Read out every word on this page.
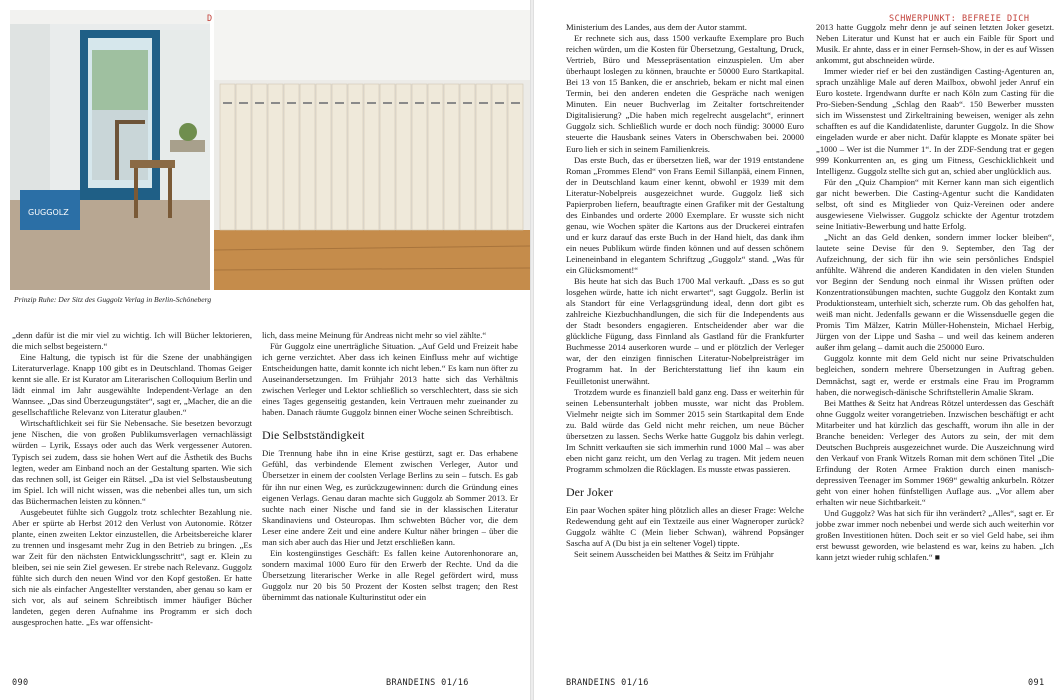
GUGGOLZ
D
Prinzip Ruhe: Der Sitz des Guggolz Verlag in Berlin-Schöneberg

„denn dafür ist die mir viel zu wichtig. Ich will Bücher lektorieren, die mich selbst begeistern.“

Eine Haltung, die typisch ist für die Szene der unabhängigen Literaturverlage. Knapp 100 gibt es in Deutschland. Thomas Geiger kennt sie alle. Er ist Kurator am Literarischen Colloquium Berlin und lädt einmal im Jahr ausgewählte Independent-Verlage an den Wannsee. „Das sind Überzeugungstäter“, sagt er, „Macher, die an die gesellschaftliche Relevanz von Literatur glauben.“

Wirtschaftlichkeit sei für Sie Nebensache. Sie besetzen bevorzugt jene Nischen, die von großen Publikumsverlagen vernachlässigt würden – Lyrik, Essays oder auch das Werk vergessener Autoren. Typisch sei zudem, dass sie hohen Wert auf die Ästhetik des Buchs legten, weder am Einband noch an der Gestaltung sparten. Wie sich das rechnen soll, ist Geiger ein Rätsel. „Da ist viel Selbstausbeutung im Spiel. Ich will nicht wissen, was die nebenbei alles tun, um sich das Büchermachen leisten zu können.“

Ausgebeutet fühlte sich Guggolz trotz schlechter Bezahlung nie. Aber er spürte ab Herbst 2012 den Verlust von Autonomie. Rötzer plante, einen zweiten Lektor einzustellen, die Arbeitsbereiche klarer zu trennen und insgesamt mehr Zug in den Betrieb zu bringen. „Es war Zeit für den nächsten Entwicklungsschritt“, sagt er. Klein zu bleiben, sei nie sein Ziel gewesen. Er strebe nach Relevanz. Guggolz fühlte sich durch den neuen Wind vor den Kopf gestoßen. Er hatte sich nie als einfacher Angestellter verstanden, aber genau so kam er sich vor, als auf seinem Schreibtisch immer häufiger Bücher landeten, gegen deren Aufnahme ins Programm er sich doch ausgesprochen hatte. „Es war offensicht-

lich, dass meine Meinung für Andreas nicht mehr so viel zählte.“

Für Guggolz eine unerträgliche Situation. „Auf Geld und Freizeit habe ich gerne verzichtet. Aber dass ich keinen Einfluss mehr auf wichtige Entscheidungen hatte, damit konnte ich nicht leben.“ Es kam nun öfter zu Auseinandersetzungen. Im Frühjahr 2013 hatte sich das Verhältnis zwischen Verleger und Lektor schließlich so verschlechtert, dass sie sich eines Tages gegenseitig gestanden, kein Vertrauen mehr zueinander zu haben. Danach räumte Guggolz binnen einer Woche seinen Schreibtisch.

Die Selbstständigkeit

Die Trennung habe ihn in eine Krise gestürzt, sagt er. Das erhabene Gefühl, das verbindende Element zwischen Verleger, Autor und Übersetzer in einem der coolsten Verlage Berlins zu sein – futsch. Es gab für ihn nur einen Weg, es zurückzugewinnen: durch die Gründung eines eigenen Verlags. Genau daran machte sich Guggolz ab Sommer 2013. Er suchte nach einer Nische und fand sie in der klassischen Literatur Skandinaviens und Osteuropas. Ihm schwebten Bücher vor, die dem Leser eine andere Zeit und eine andere Kultur näher bringen – über die man sich aber auch das Hier und Jetzt erschließen kann.

Ein kostengünstiges Geschäft: Es fallen keine Autorenhonorare an, sondern maximal 1000 Euro für den Erwerb der Rechte. Und da die Übersetzung literarischer Werke in alle Regel gefördert wird, muss Guggolz nur 20 bis 50 Prozent der Kosten selbst tragen; den Rest übernimmt das nationale Kulturinstitut oder ein

090	BRANDEINS 01/16
SCHWERPUNKT: BEFREIE DICH

Ministerium des Landes, aus dem der Autor stammt.

Er rechnete sich aus, dass 1500 verkaufte Exemplare pro Buch reichen würden, um die Kosten für Übersetzung, Gestaltung, Druck, Vertrieb, Büro und Messepräsentation einzuspielen. Um aber überhaupt loslegen zu können, brauchte er 50000 Euro Startkapital. Bei 13 von 15 Banken, die er anschrieb, bekam er nicht mal einen Termin, bei den anderen endeten die Gespräche nach wenigen Minuten. Ein neuer Buchverlag im Zeitalter fortschreitender Digitalisierung? „Die haben mich regelrecht ausgelacht“, erinnert Guggolz sich. Schließlich wurde er doch noch fündig: 30000 Euro steuerte die Hausbank seines Vaters in Oberschwaben bei. 20000 Euro lieh er sich in seinem Familienkreis.

Das erste Buch, das er übersetzen ließ, war der 1919 entstandene Roman „Frommes Elend“ von Frans Eemil Sillanpää, einem Finnen, der in Deutschland kaum einer kennt, obwohl er 1939 mit dem Literatur-Nobelpreis ausgezeichnet wurde. Guggolz ließ sich Papierproben liefern, beauftragte einen Grafiker mit der Gestaltung des Einbandes und orderte 2000 Exemplare. Er wusste sich nicht genau, wie Wochen später die Kartons aus der Druckerei eintrafen und er kurz darauf das erste Buch in der Hand hielt, das dank ihm ein neues Publikum würde finden können und auf dessen schönem Leineneinband in elegantem Schriftzug „Guggolz“ stand. „Was für ein Glücksmoment!“

Bis heute hat sich das Buch 1700 Mal verkauft. „Dass es so gut losgehen würde, hatte ich nicht erwartet“, sagt Guggolz. Berlin ist als Standort für eine Verlagsgründung ideal, denn dort gibt es zahlreiche Kiezbuchhandlungen, die sich für die Independents aus der Stadt besonders engagieren. Entscheidender aber war die glückliche Fügung, dass Finnland als Gastland für die Frankfurter Buchmesse 2014 auserkoren wurde – und er plötzlich der Verleger war, der den einzigen finnischen Literatur-Nobelpreisträger im Programm hat. In der Berichterstattung lief ihn kaum ein Feuilletonist unerwähnt.

Trotzdem wurde es finanziell bald ganz eng. Dass er weiterhin für seinen Lebensunterhalt jobben musste, war nicht das Problem. Vielmehr neigte sich im Sommer 2015 sein Startkapital dem Ende zu. Bald würde das Geld nicht mehr reichen, um neue Bücher übersetzen zu lassen. Sechs Werke hatte Guggolz bis dahin verlegt. Im Schnitt verkauften sie sich immerhin rund 1000 Mal – was aber eben nicht ganz reicht, um den Verlag zu tragen. Mit jedem neuen Programm schmolzen die Rücklagen. Es musste etwas passieren.

Der Joker

Ein paar Wochen später hing plötzlich alles an dieser Frage: Welche Redewendung geht auf ein Textzeile aus einer Wagneroper zurück? Guggolz wählte C (Mein lieber Schwan), während Popsänger Sascha auf A (Du bist ja ein seltener Vogel) tippte.

Seit seinem Ausscheiden bei Matthes & Seitz im Frühjahr

2013 hatte Guggolz mehr denn je auf seinen letzten Joker gesetzt. Neben Literatur und Kunst hat er auch ein Faible für Sport und Musik. Er ahnte, dass er in einer Fernseh-Show, in der es auf Wissen ankommt, gut abschneiden würde.

Immer wieder rief er bei den zuständigen Casting-Agenturen an, sprach unzählige Male auf deren Mailbox, obwohl jeder Anruf ein Euro kostete. Irgendwann durfte er nach Köln zum Casting für die Pro-Sieben-Sendung „Schlag den Raab“. 150 Bewerber mussten sich im Wissenstest und Zirkeltraining beweisen, weniger als zehn schafften es auf die Kandidatenliste, darunter Guggolz. In die Show eingeladen wurde er aber nicht. Dafür klappte es Monate später bei „1000 – Wer ist die Nummer 1“. In der ZDF-Sendung trat er gegen 999 Konkurrenten an, es ging um Fitness, Geschicklichkeit und Intelligenz. Guggolz stellte sich gut an, schied aber unglücklich aus.

Für den „Quiz Champion“ mit Kerner kann man sich eigentlich gar nicht bewerben. Die Casting-Agentur sucht die Kandidaten selbst, oft sind es Mitglieder von Quiz-Vereinen oder andere ausgewiesene Vielwisser. Guggolz schickte der Agentur trotzdem seine Initiativ-Bewerbung und hatte Erfolg.

„Nicht an das Geld denken, sondern immer locker bleiben“, lautete seine Devise für den 9. September, den Tag der Aufzeichnung, der sich für ihn wie sein persönliches Endspiel anfühlte. Während die anderen Kandidaten in den vielen Stunden vor Beginn der Sendung noch einmal ihr Wissen prüften oder Konzentrationsübungen machten, suchte Guggolz den Kontakt zum Produktionsteam, unterhielt sich, scherzte rum. Ob das geholfen hat, weiß man nicht. Jedenfalls gewann er die Wissensduelle gegen die Promis Tim Mälzer, Katrin Müller-Hohenstein, Michael Herbig, Jürgen von der Lippe und Sasha – und weil das keinem anderen außer ihm gelang – damit auch die 250000 Euro.

Guggolz konnte mit dem Geld nicht nur seine Privatschulden begleichen, sondern mehrere Übersetzungen in Auftrag geben. Demnächst, sagt er, werde er erstmals eine Frau im Programm haben, die norwegisch-dänische Schriftstellerin Amalie Skram.

Bei Matthes & Seitz hat Andreas Rötzel unterdessen das Geschäft ohne Guggolz weiter vorangetrieben. Inzwischen beschäftigt er acht Mitarbeiter und hat kürzlich das geschafft, worum ihn alle in der Branche beneiden: Verleger des Autors zu sein, der mit dem Deutschen Buchpreis ausgezeichnet wurde. Die Auszeichnung wird den Verkauf von Frank Witzels Roman mit dem schönen Titel „Die Erfindung der Roten Armee Fraktion durch einen manisch-depressiven Teenager im Sommer 1969“ gewaltig ankurbeln. Rötzer geht von einer hohen fünfstelligen Auflage aus. „Vor allem aber erhalten wir neue Sichtbarkeit.“

Und Guggolz? Was hat sich für ihn verändert? „Alles“, sagt er. Er jobbe zwar immer noch nebenbei und werde sich auch weiterhin vor großen Investitionen hüten. Doch seit er so viel Geld habe, sei ihm erst bewusst geworden, wie belastend es war, keins zu haben. „Ich kann jetzt wieder ruhig schlafen.“ ■

BRANDEINS 01/16	091
